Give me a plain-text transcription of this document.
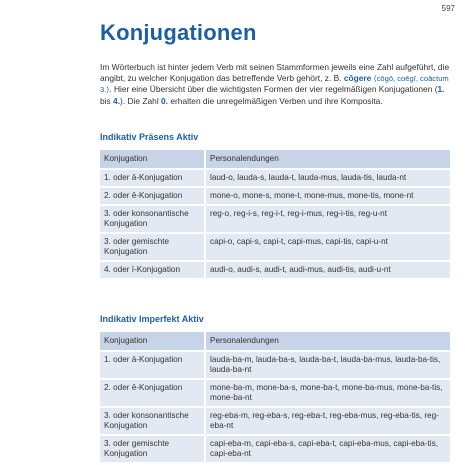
597
Konjugationen

Im Wörterbuch ist hinter jedem Verb mit seinen Stammformen jeweils eine Zahl aufgeführt, die angibt, zu welcher Konjugation das betreffende Verb gehört, z. B. cōgere ⟨cōgō, coēgī, coāctum 3.⟩. Hier eine Übersicht über die wichtigsten Formen der vier regelmäßigen Konjugationen (1. bis 4.). Die Zahl 0. erhalten die unregelmäßigen Verben und ihre Komposita.

Indikativ Präsens Aktiv
Konjugation	Personalendungen
1. oder ā-Konjugation	laud-o, lauda-s, lauda-t, lauda-mus, lauda-tis, lauda-nt
2. oder ē-Konjugation	mone-o, mone-s, mone-t, mone-mus, mone-tis, mone-nt
3. oder konsonantische Konjugation	reg-o, reg-i-s, reg-i-t, reg-i-mus, reg-i-tis, reg-u-nt
3. oder gemischte Konjugation	capi-o, capi-s, capi-t, capi-mus, capi-tis, capi-u-nt
4. oder ī-Konjugation	audi-o, audi-s, audi-t, audi-mus, audi-tis, audi-u-nt
Indikativ Imperfekt Aktiv
Konjugation	Personalendungen
1. oder ā-Konjugation	lauda-ba-m, lauda-ba-s, lauda-ba-t, lauda-ba-mus, lauda-ba-tis, lauda-ba-nt
2. oder ē-Konjugation	mone-ba-m, mone-ba-s, mone-ba-t, mone-ba-mus, mone-ba-tis, mone-ba-nt
3. oder konsonantische Konjugation	reg-eba-m, reg-eba-s, reg-eba-t, reg-eba-mus, reg-eba-tis, reg-eba-nt
3. oder gemischte Konjugation	capi-eba-m, capi-eba-s, capi-eba-t, capi-eba-mus, capi-eba-tis, capi-eba-nt
